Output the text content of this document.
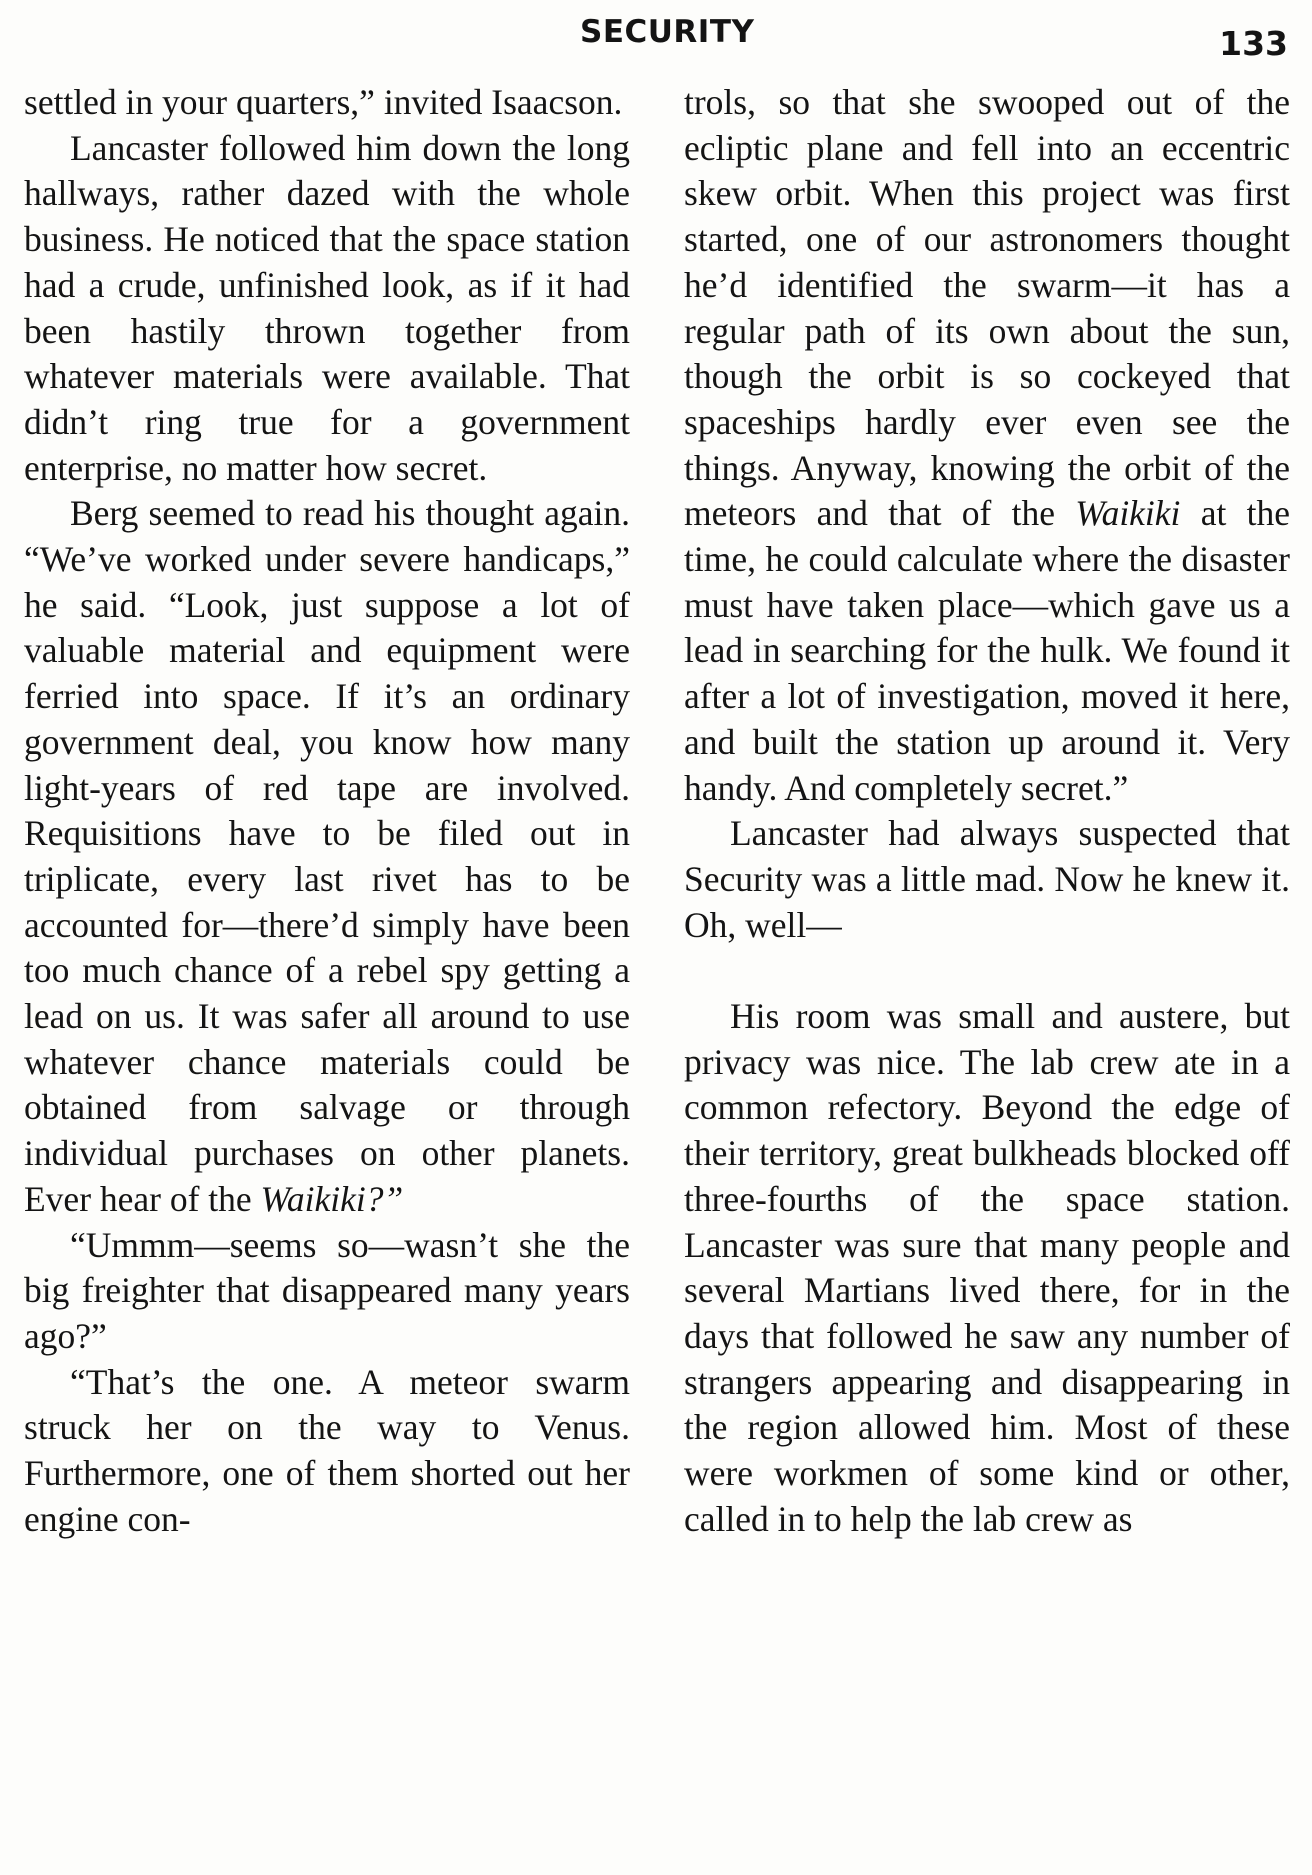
SECURITY	133

settled in your quarters,” invited Isaacson.

Lancaster followed him down the long hallways, rather dazed with the whole business. He noticed that the space station had a crude, unfinished look, as if it had been hastily thrown together from whatever materials were available. That didn’t ring true for a government enterprise, no matter how secret.

Berg seemed to read his thought again. “We’ve worked under severe handicaps,” he said. “Look, just suppose a lot of valuable material and equipment were ferried into space. If it’s an ordinary government deal, you know how many light-years of red tape are involved. Requisitions have to be filed out in triplicate, every last rivet has to be accounted for—there’d simply have been too much chance of a rebel spy getting a lead on us. It was safer all around to use whatever chance materials could be obtained from salvage or through individual purchases on other planets. Ever hear of the Waikiki?”

“Ummm—seems so—wasn’t she the big freighter that disappeared many years ago?”

“That’s the one. A meteor swarm struck her on the way to Venus. Furthermore, one of them shorted out her engine con-

trols, so that she swooped out of the ecliptic plane and fell into an eccentric skew orbit. When this project was first started, one of our astronomers thought he’d identified the swarm—it has a regular path of its own about the sun, though the orbit is so cockeyed that spaceships hardly ever even see the things. Anyway, knowing the orbit of the meteors and that of the Waikiki at the time, he could calculate where the disaster must have taken place—which gave us a lead in searching for the hulk. We found it after a lot of investigation, moved it here, and built the station up around it. Very handy. And completely secret.”

Lancaster had always suspected that Security was a little mad. Now he knew it. Oh, well—

His room was small and austere, but privacy was nice. The lab crew ate in a common refectory. Beyond the edge of their territory, great bulkheads blocked off three-fourths of the space station. Lancaster was sure that many people and several Martians lived there, for in the days that followed he saw any number of strangers appearing and disappearing in the region allowed him. Most of these were workmen of some kind or other, called in to help the lab crew as
